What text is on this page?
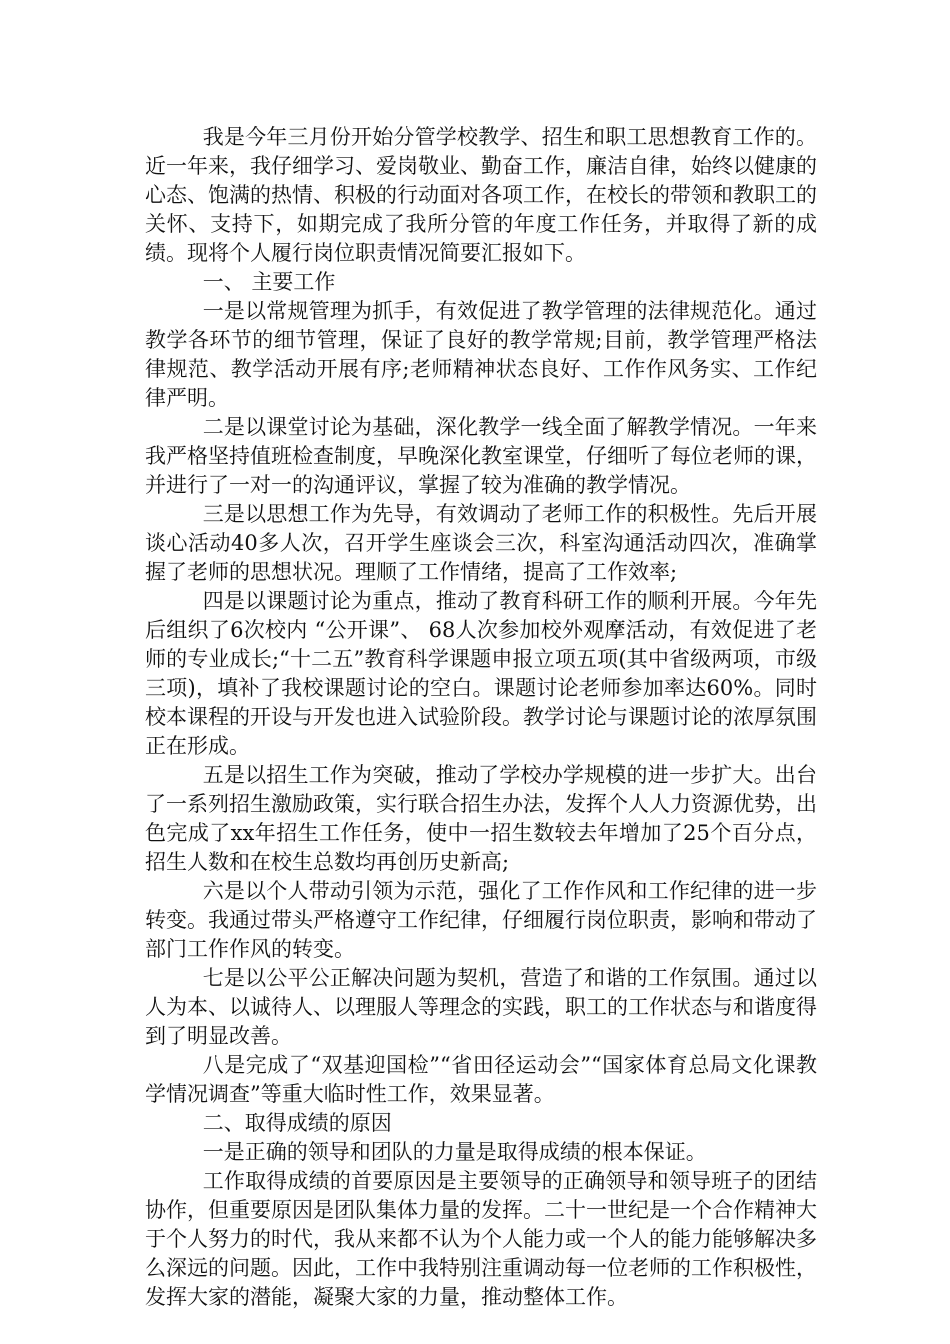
我是今年三月份开始分管学校教学、招生和职工思想教育工作的。近一年来，我仔细学习、爱岗敬业、勤奋工作，廉洁自律，始终以健康的心态、饱满的热情、积极的行动面对各项工作，在校长的带领和教职工的关怀、支持下，如期完成了我所分管的年度工作任务，并取得了新的成绩。现将个人履行岗位职责情况简要汇报如下。

一、 主要工作

一是以常规管理为抓手，有效促进了教学管理的法律规范化。通过教学各环节的细节管理，保证了良好的教学常规;目前，教学管理严格法律规范、教学活动开展有序;老师精神状态良好、工作作风务实、工作纪律严明。

二是以课堂讨论为基础，深化教学一线全面了解教学情况。一年来我严格坚持值班检查制度，早晚深化教室课堂，仔细听了每位老师的课，并进行了一对一的沟通评议，掌握了较为准确的教学情况。

三是以思想工作为先导，有效调动了老师工作的积极性。先后开展谈心活动40多人次，召开学生座谈会三次，科室沟通活动四次，准确掌握了老师的思想状况。理顺了工作情绪，提高了工作效率;

四是以课题讨论为重点，推动了教育科研工作的顺利开展。今年先后组织了6次校内 “公开课”、 68人次参加校外观摩活动，有效促进了老师的专业成长;“十二五”教育科学课题申报立项五项(其中省级两项，市级三项)，填补了我校课题讨论的空白。课题讨论老师参加率达60%。同时校本课程的开设与开发也进入试验阶段。教学讨论与课题讨论的浓厚氛围正在形成。

五是以招生工作为突破，推动了学校办学规模的进一步扩大。出台了一系列招生激励政策，实行联合招生办法，发挥个人人力资源优势，出色完成了xx年招生工作任务，使中一招生数较去年增加了25个百分点，招生人数和在校生总数均再创历史新高;

六是以个人带动引领为示范，强化了工作作风和工作纪律的进一步转变。我通过带头严格遵守工作纪律，仔细履行岗位职责，影响和带动了部门工作作风的转变。

七是以公平公正解决问题为契机，营造了和谐的工作氛围。通过以人为本、以诚待人、以理服人等理念的实践，职工的工作状态与和谐度得到了明显改善。

八是完成了“双基迎国检”“省田径运动会”“国家体育总局文化课教学情况调查”等重大临时性工作，效果显著。

二、取得成绩的原因

一是正确的领导和团队的力量是取得成绩的根本保证。

工作取得成绩的首要原因是主要领导的正确领导和领导班子的团结协作，但重要原因是团队集体力量的发挥。二十一世纪是一个合作精神大于个人努力的时代，我从来都不认为个人能力或一个人的能力能够解决多么深远的问题。因此，工作中我特别注重调动每一位老师的工作积极性，发挥大家的潜能，凝聚大家的力量，推动整体工作。
